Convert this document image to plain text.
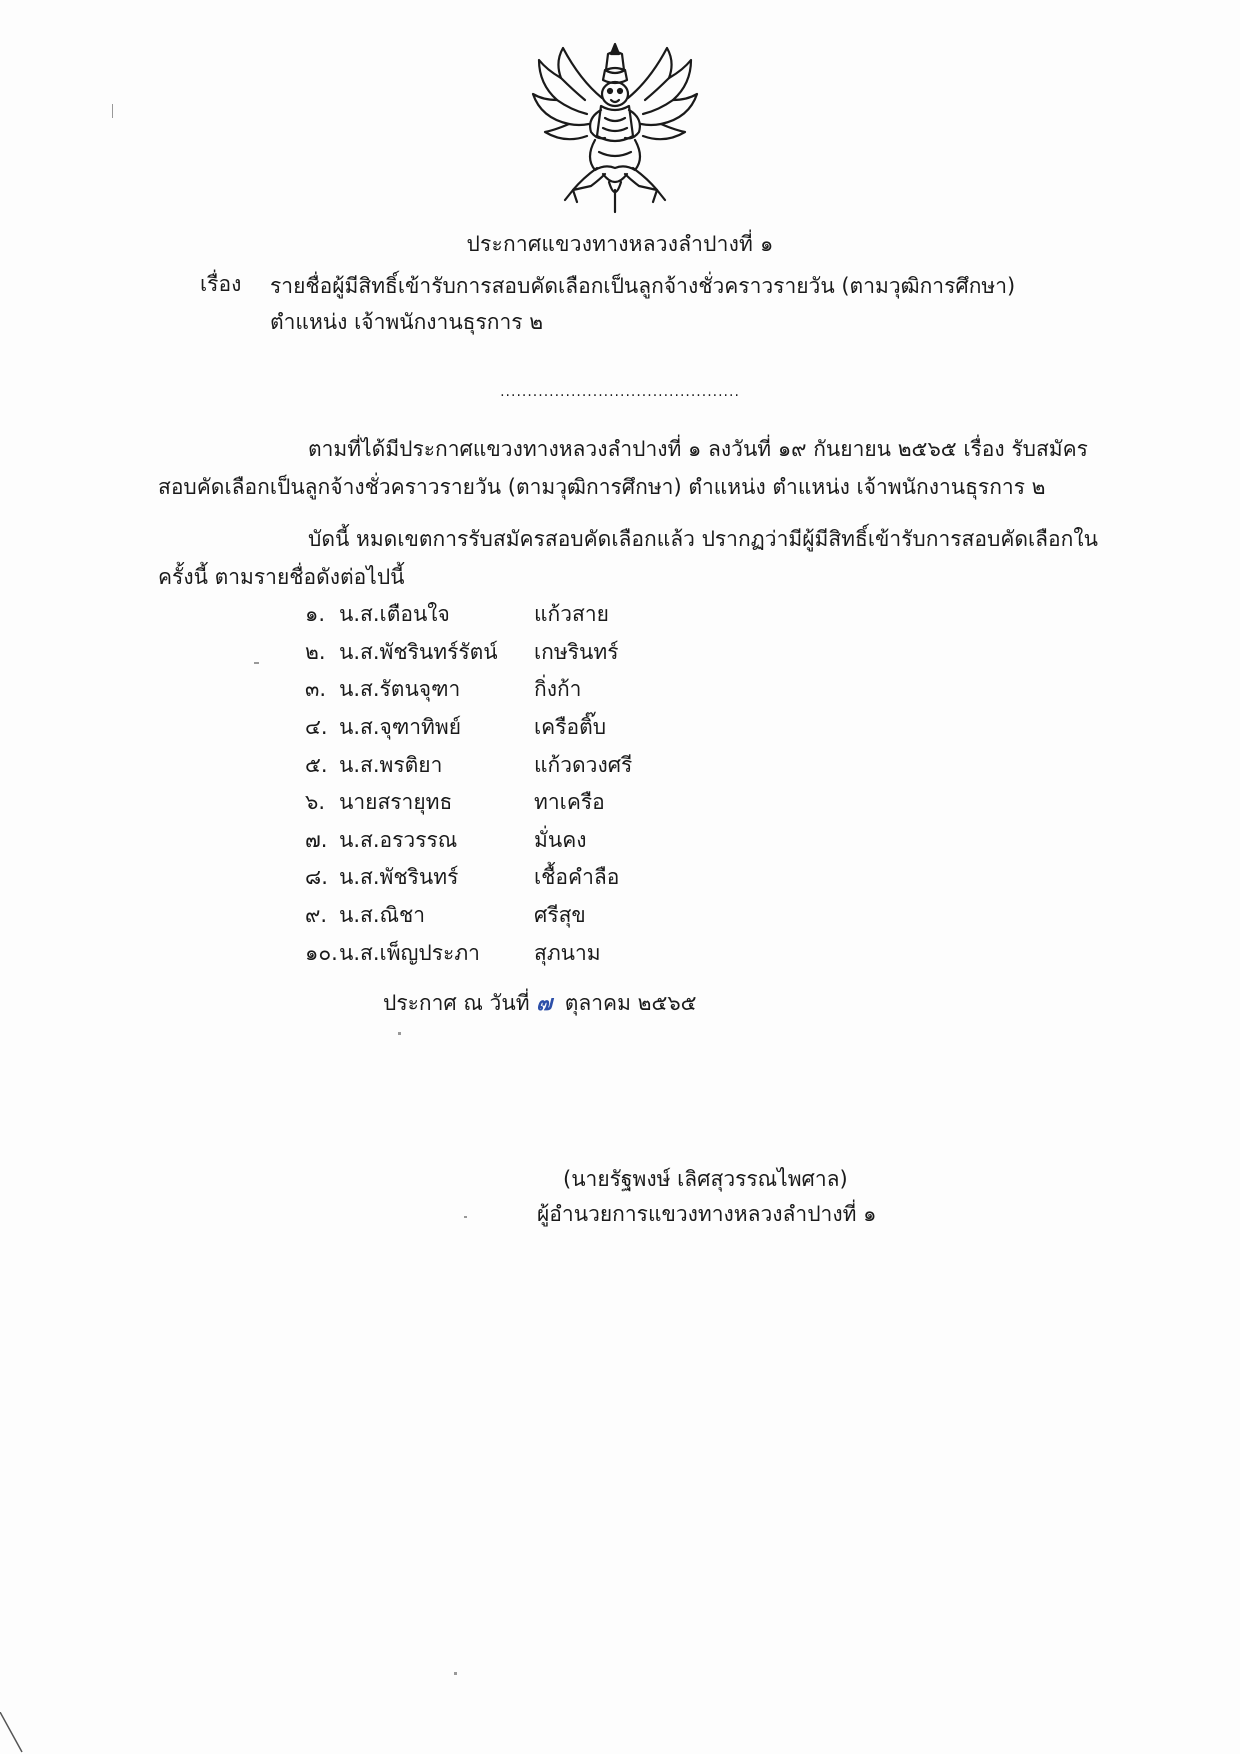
ประกาศแขวงทางหลวงลำปางที่ ๑
เรื่อง รายชื่อผู้มีสิทธิ์เข้ารับการสอบคัดเลือกเป็นลูกจ้างชั่วคราวรายวัน (ตามวุฒิการศึกษา) ตำแหน่ง เจ้าพนักงานธุรการ ๒
............................................
ตามที่ได้มีประกาศแขวงทางหลวงลำปางที่ ๑ ลงวันที่ ๑๙ กันยายน ๒๕๖๕ เรื่อง รับสมัครสอบคัดเลือกเป็นลูกจ้างชั่วคราวรายวัน (ตามวุฒิการศึกษา) ตำแหน่ง ตำแหน่ง เจ้าพนักงานธุรการ ๒
บัดนี้ หมดเขตการรับสมัครสอบคัดเลือกแล้ว ปรากฏว่ามีผู้มีสิทธิ์เข้ารับการสอบคัดเลือกในครั้งนี้ ตามรายชื่อดังต่อไปนี้
๑. น.ส.เตือนใจ	แก้วสาย
๒. น.ส.พัชรินทร์รัตน์	เกษรินทร์
๓. น.ส.รัตนจุฑา	กิ่งก้า
๔. น.ส.จุฑาทิพย์	เครือติ๊บ
๕. น.ส.พรติยา	แก้วดวงศรี
๖. นายสรายุทธ	ทาเครือ
๗. น.ส.อรวรรณ	มั่นคง
๘. น.ส.พัชรินทร์	เชื้อคำลือ
๙. น.ส.ณิชา	ศรีสุข
๑๐. น.ส.เพ็ญประภา	สุภนาม
ประกาศ ณ วันที่ ๗ ตุลาคม ๒๕๖๕
(นายรัฐพงษ์ เลิศสุวรรณไพศาล)
ผู้อำนวยการแขวงทางหลวงลำปางที่ ๑
